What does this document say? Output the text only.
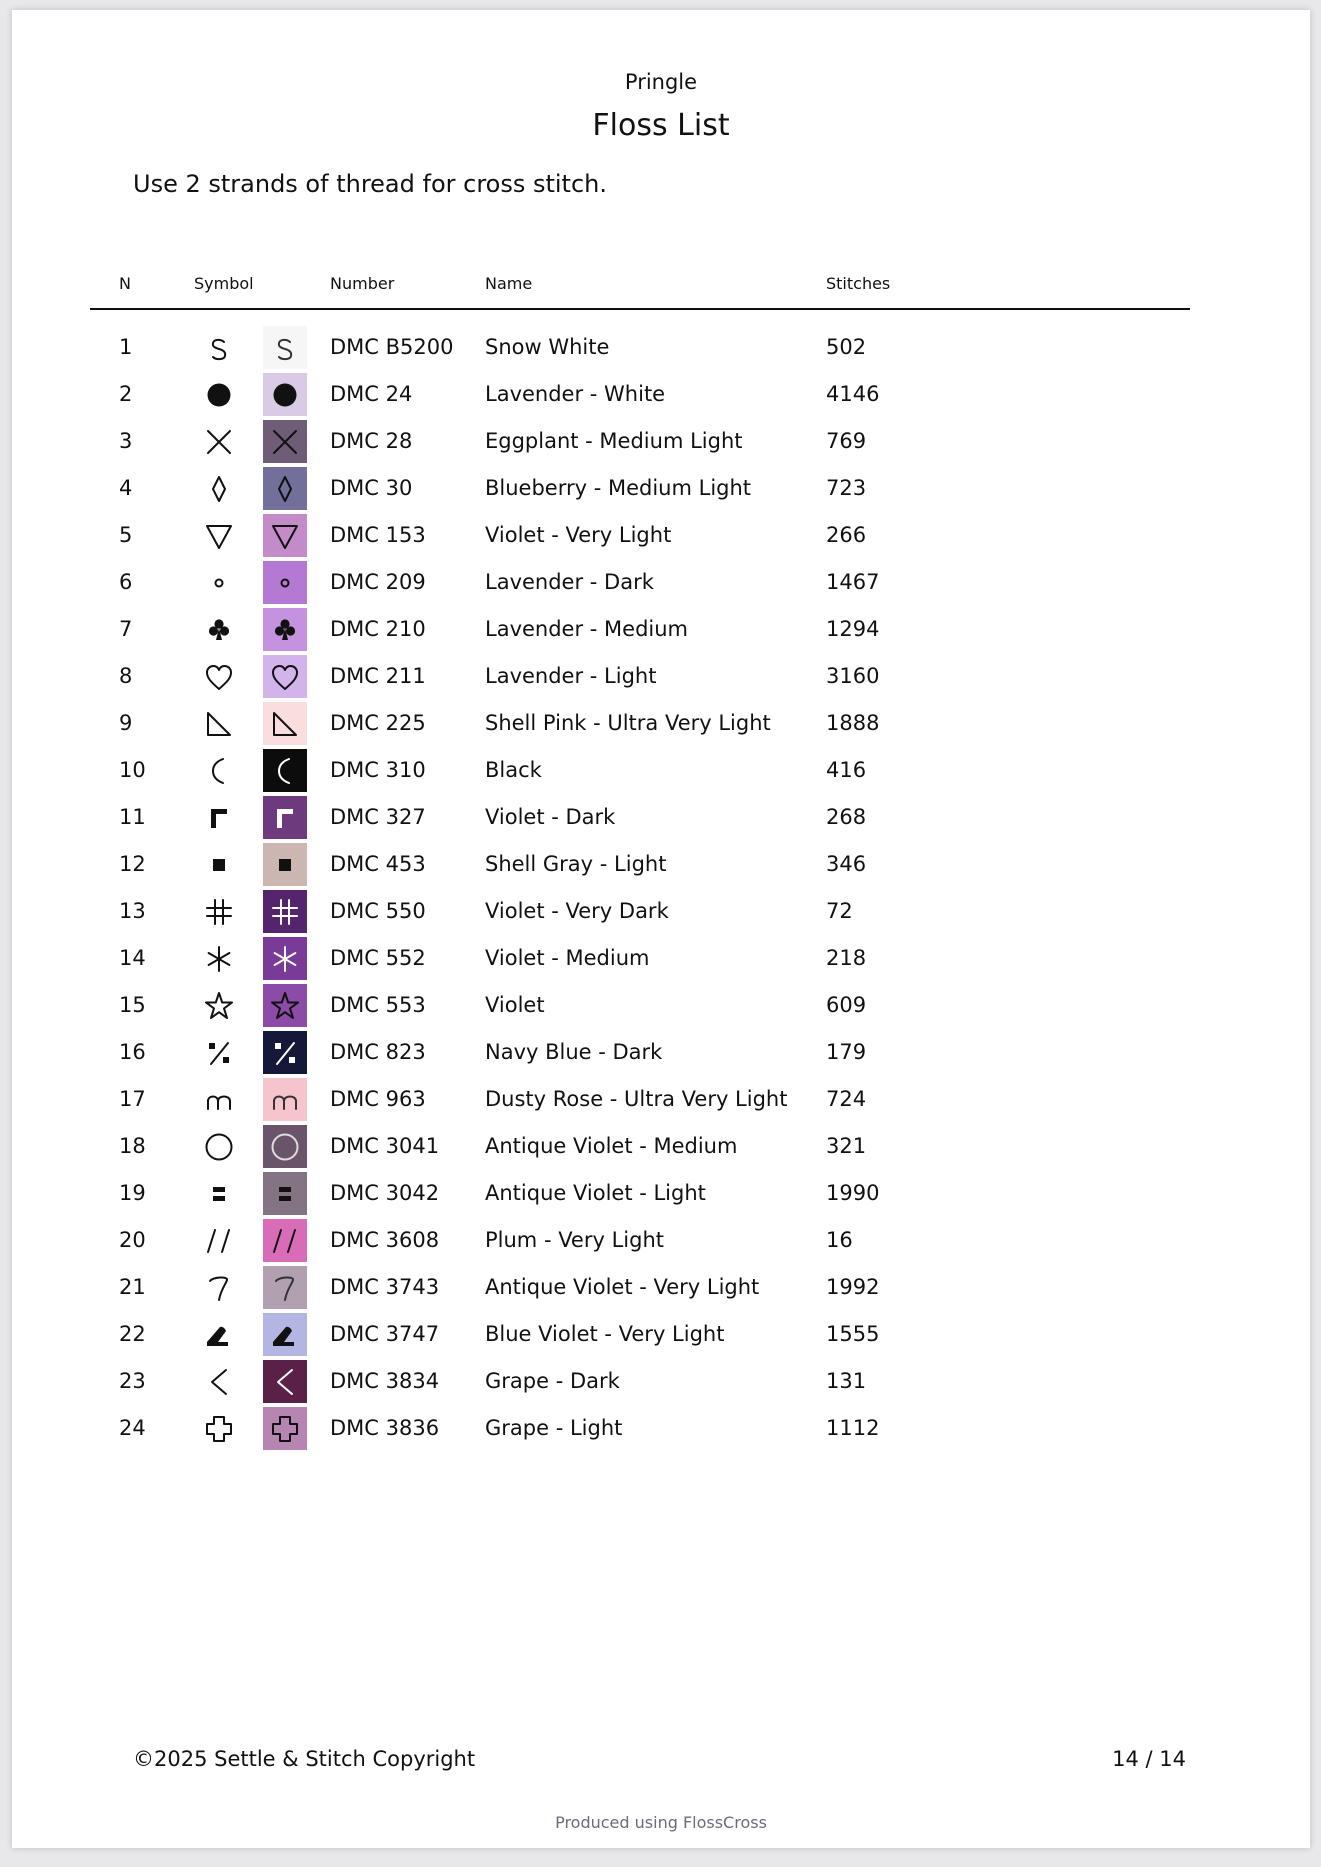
Pringle
Floss List
Use 2 strands of thread for cross stitch.
N	Symbol	Number	Name	Stitches
1	DMC B5200 Snow White	502
2	DMC 24	Lavender - White	4146
3	DMC 28	Eggplant - Medium Light	769
4	DMC 30	Blueberry - Medium Light	723
5	DMC 153	Violet - Very Light	266
6	DMC 209	Lavender - Dark	1467
7	DMC 210	Lavender - Medium	1294
8	DMC 211	Lavender - Light	3160
9	DMC 225	Shell Pink - Ultra Very Light	1888
10	DMC 310	Black	416
11	DMC 327	Violet - Dark	268
12	DMC 453	Shell Gray - Light	346
13	DMC 550	Violet - Very Dark	72
14	DMC 552	Violet - Medium	218
15	DMC 553	Violet	609
16	DMC 823	Navy Blue - Dark	179
17	DMC 963	Dusty Rose - Ultra Very Light 724
18	DMC 3041 Antique Violet - Medium	321
19	DMC 3042 Antique Violet - Light	1990
20	DMC 3608 Plum - Very Light	16
21	DMC 3743 Antique Violet - Very Light	1992
22	DMC 3747 Blue Violet - Very Light	1555
23	DMC 3834 Grape - Dark	131
24	DMC 3836 Grape - Light	1112
©2025 Settle & Stitch Copyright	14 / 14
Produced using FlossCross
